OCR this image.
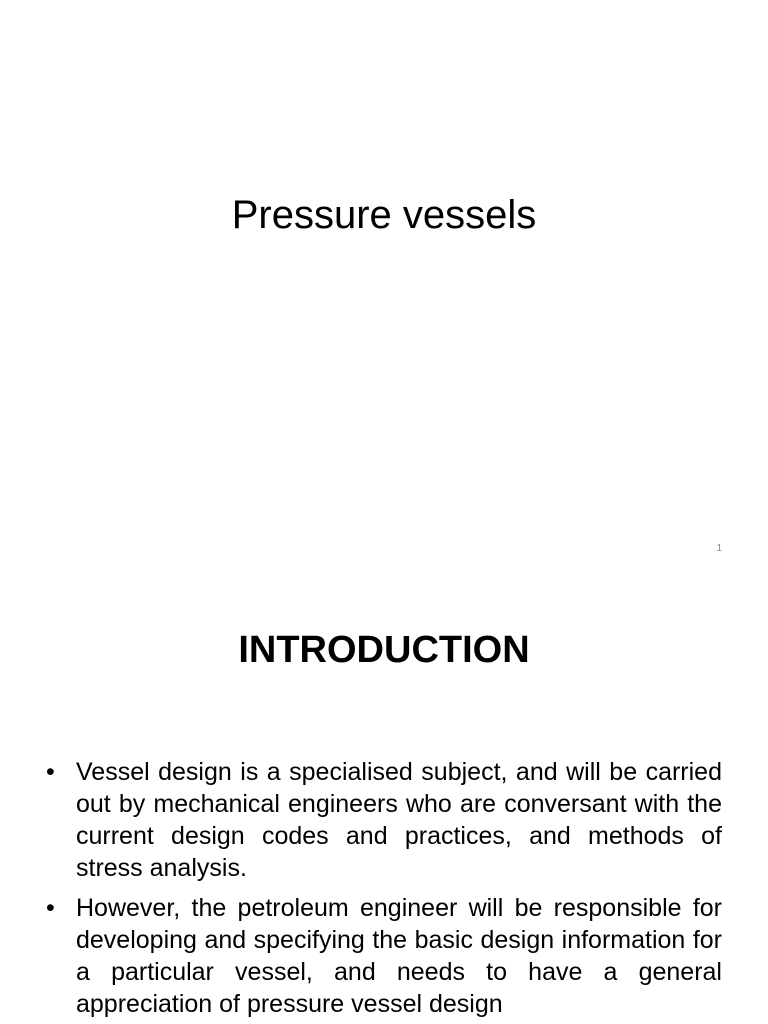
Pressure vessels
1
INTRODUCTION
• Vessel design is a specialised subject, and will be carried out by mechanical engineers who are conversant with the current design codes and practices, and methods of stress analysis.
• However, the petroleum engineer will be responsible for developing and specifying the basic design information for a particular vessel, and needs to have a general appreciation of pressure vessel design
